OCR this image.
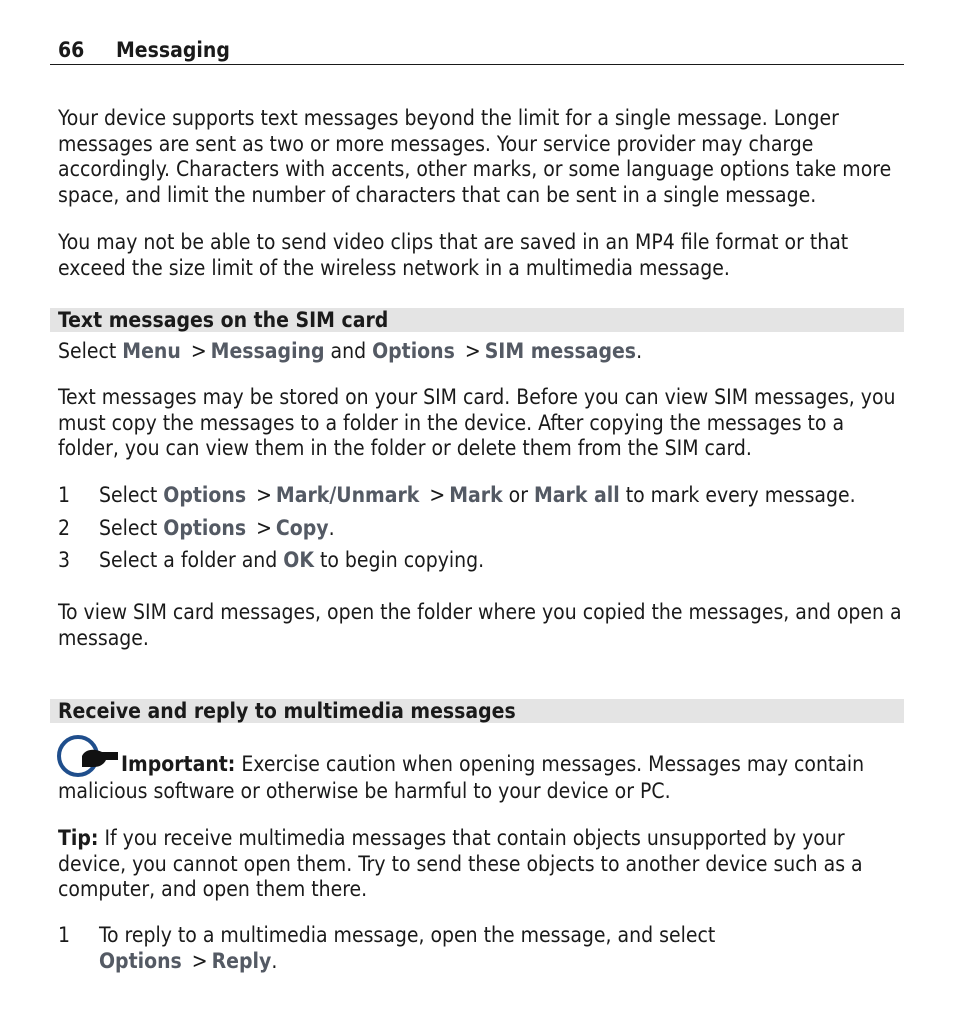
66 Messaging

Your device supports text messages beyond the limit for a single message. Longer messages are sent as two or more messages. Your service provider may charge accordingly. Characters with accents, other marks, or some language options take more space, and limit the number of characters that can be sent in a single message.

You may not be able to send video clips that are saved in an MP4 file format or that exceed the size limit of the wireless network in a multimedia message.

Text messages on the SIM card

Select Menu > Messaging and Options > SIM messages.

Text messages may be stored on your SIM card. Before you can view SIM messages, you must copy the messages to a folder in the device. After copying the messages to a folder, you can view them in the folder or delete them from the SIM card.

1 Select Options > Mark/Unmark > Mark or Mark all to mark every message.
2 Select Options > Copy.
3 Select a folder and OK to begin copying.

To view SIM card messages, open the folder where you copied the messages, and open a message.

Receive and reply to multimedia messages
Important: Exercise caution when opening messages. Messages may contain
malicious software or otherwise be harmful to your device or PC.

Tip: If you receive multimedia messages that contain objects unsupported by your device, you cannot open them. Try to send these objects to another device such as a computer, and open them there.

1 To reply to a multimedia message, open the message, and select Options > Reply.
